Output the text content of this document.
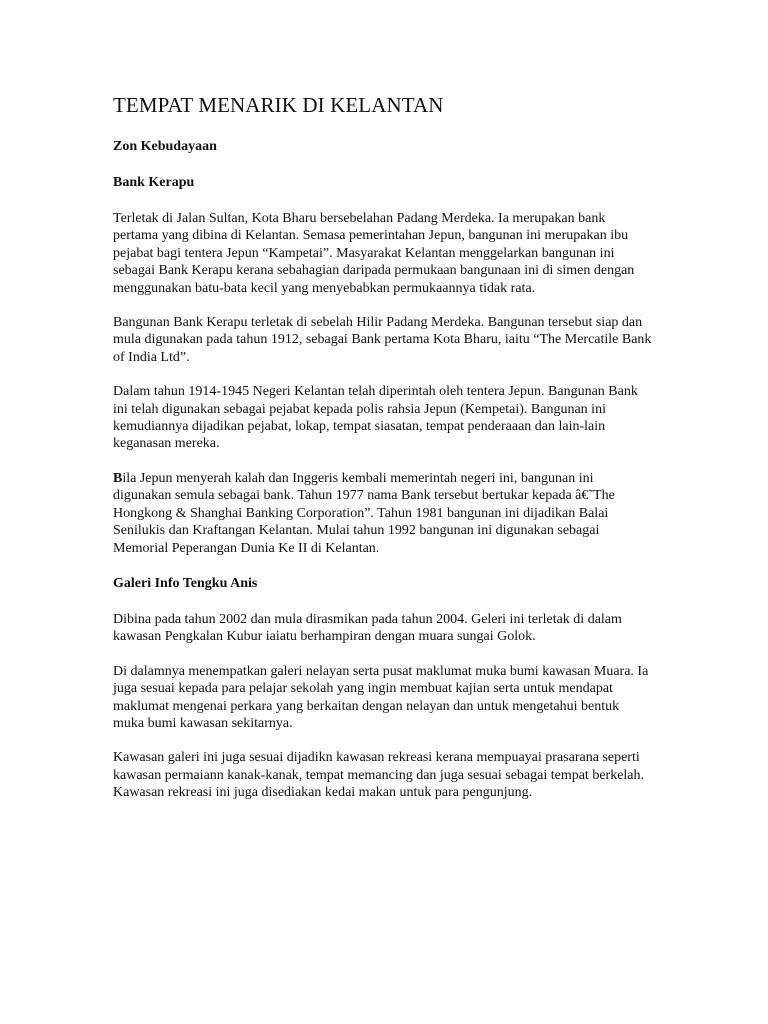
TEMPAT MENARIK DI KELANTAN
Zon Kebudayaan
Bank Kerapu

Terletak di Jalan Sultan, Kota Bharu bersebelahan Padang Merdeka. Ia merupakan bank pertama yang dibina di Kelantan. Semasa pemerintahan Jepun, bangunan ini merupakan ibu pejabat bagi tentera Jepun “Kampetai”. Masyarakat Kelantan menggelarkan bangunan ini sebagai Bank Kerapu kerana sebahagian daripada permukaan bangunaan ini di simen dengan menggunakan batu-bata kecil yang menyebabkan permukaannya tidak rata.

Bangunan Bank Kerapu terletak di sebelah Hilir Padang Merdeka. Bangunan tersebut siap dan mula digunakan pada tahun 1912, sebagai Bank pertama Kota Bharu, iaitu “The Mercatile Bank of India Ltd”.

Dalam tahun 1914-1945 Negeri Kelantan telah diperintah oleh tentera Jepun. Bangunan Bank ini telah digunakan sebagai pejabat kepada polis rahsia Jepun (Kempetai). Bangunan ini kemudiannya dijadikan pejabat, lokap, tempat siasatan, tempat penderaaan dan lain-lain keganasan mereka.

Bila Jepun menyerah kalah dan Inggeris kembali memerintah negeri ini, bangunan ini digunakan semula sebagai bank. Tahun 1977 nama Bank tersebut bertukar kepada â€˜The Hongkong & Shanghai Banking Corporation”. Tahun 1981 bangunan ini dijadikan Balai Senilukis dan Kraftangan Kelantan. Mulai tahun 1992 bangunan ini digunakan sebagai Memorial Peperangan Dunia Ke II di Kelantan.

Galeri Info Tengku Anis

Dibina pada tahun 2002 dan mula dirasmikan pada tahun 2004. Geleri ini terletak di dalam kawasan Pengkalan Kubur iaiatu berhampiran dengan muara sungai Golok.

Di dalamnya menempatkan galeri nelayan serta pusat maklumat muka bumi kawasan Muara. Ia juga sesuai kepada para pelajar sekolah yang ingin membuat kajian serta untuk mendapat maklumat mengenai perkara yang berkaitan dengan nelayan dan untuk mengetahui bentuk muka bumi kawasan sekitarnya.

Kawasan galeri ini juga sesuai dijadikn kawasan rekreasi kerana mempuayai prasarana seperti kawasan permaiann kanak-kanak, tempat memancing dan juga sesuai sebagai tempat berkelah. Kawasan rekreasi ini juga disediakan kedai makan untuk para pengunjung.
